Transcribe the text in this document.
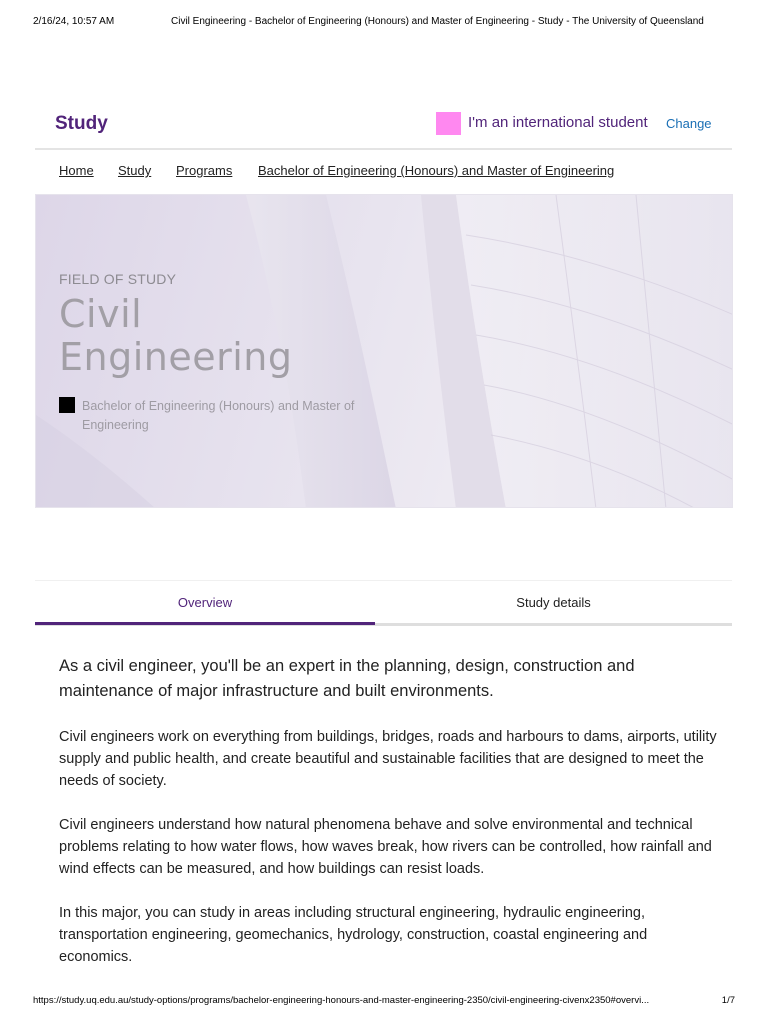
2/16/24, 10:57 AM	Civil Engineering - Bachelor of Engineering (Honours) and Master of Engineering - Study - The University of Queensland
Study	I'm an international student Change
Home Study Programs Bachelor of Engineering (Honours) and Master of Engineering
FIELD OF STUDY
Civil
Engineering
Bachelor of Engineering (Honours) and Master of Engineering
Overview	Study details

As a civil engineer, you'll be an expert in the planning, design, construction and maintenance of major infrastructure and built environments.

Civil engineers work on everything from buildings, bridges, roads and harbours to dams, airports, utility supply and public health, and create beautiful and sustainable facilities that are designed to meet the needs of society.

Civil engineers understand how natural phenomena behave and solve environmental and technical problems relating to how water flows, how waves break, how rivers can be controlled, how rainfall and wind effects can be measured, and how buildings can resist loads.

In this major, you can study in areas including structural engineering, hydraulic engineering, transportation engineering, geomechanics, hydrology, construction, coastal engineering and economics.

https://study.uq.edu.au/study-options/programs/bachelor-engineering-honours-and-master-engineering-2350/civil-engineering-civenx2350#overvi...	1/7
